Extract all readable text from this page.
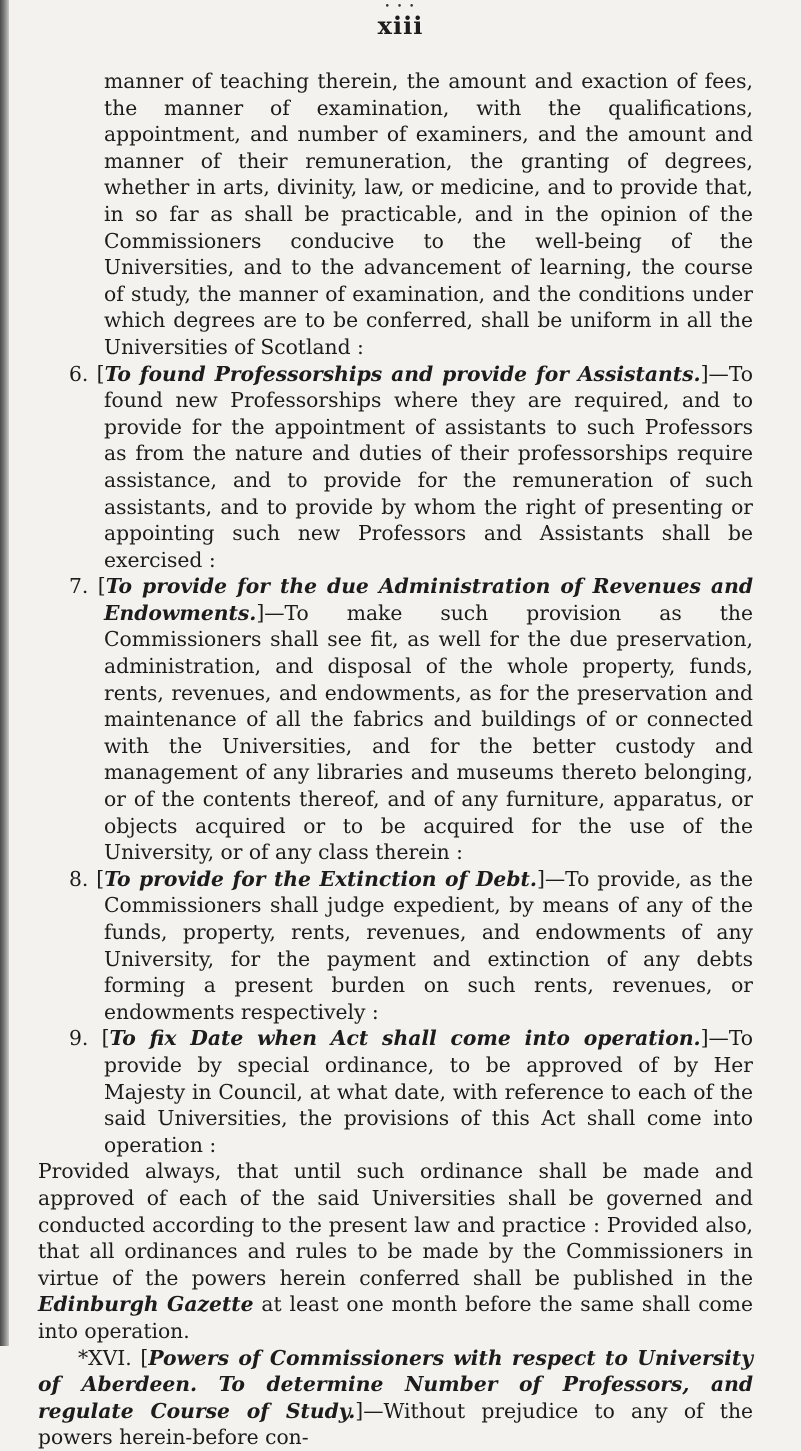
• • •
xiii

manner of teaching therein, the amount and exaction of fees, the manner of examination, with the qualifications, appointment, and number of examiners, and the amount and manner of their remuneration, the granting of degrees, whether in arts, divinity, law, or medicine, and to provide that, in so far as shall be practicable, and in the opinion of the Commissioners conducive to the well-being of the Universities, and to the advancement of learning, the course of study, the manner of examination, and the conditions under which degrees are to be conferred, shall be uniform in all the Universities of Scotland :

6. [To found Professorships and provide for Assistants.]—To found new Professorships where they are required, and to provide for the appointment of assistants to such Professors as from the nature and duties of their professorships require assistance, and to provide for the remuneration of such assistants, and to provide by whom the right of presenting or appointing such new Professors and Assistants shall be exercised :

7. [To provide for the due Administration of Revenues and Endowments.]—To make such provision as the Commissioners shall see fit, as well for the due preservation, administration, and disposal of the whole property, funds, rents, revenues, and endowments, as for the preservation and maintenance of all the fabrics and buildings of or connected with the Universities, and for the better custody and management of any libraries and museums thereto belonging, or of the contents thereof, and of any furniture, apparatus, or objects acquired or to be acquired for the use of the University, or of any class therein :

8. [To provide for the Extinction of Debt.]—To provide, as the Commissioners shall judge expedient, by means of any of the funds, property, rents, revenues, and endowments of any University, for the payment and extinction of any debts forming a present burden on such rents, revenues, or endowments respectively :

9. [To fix Date when Act shall come into operation.]—To provide by special ordinance, to be approved of by Her Majesty in Council, at what date, with reference to each of the said Universities, the provisions of this Act shall come into operation :

Provided always, that until such ordinance shall be made and approved of each of the said Universities shall be governed and conducted according to the present law and practice : Provided also, that all ordinances and rules to be made by the Commissioners in virtue of the powers herein conferred shall be published in the Edinburgh Gazette at least one month before the same shall come into operation.

*XVI. [Powers of Commissioners with respect to University of Aberdeen. To determine Number of Professors, and regulate Course of Study.]—Without prejudice to any of the powers herein-before con-
